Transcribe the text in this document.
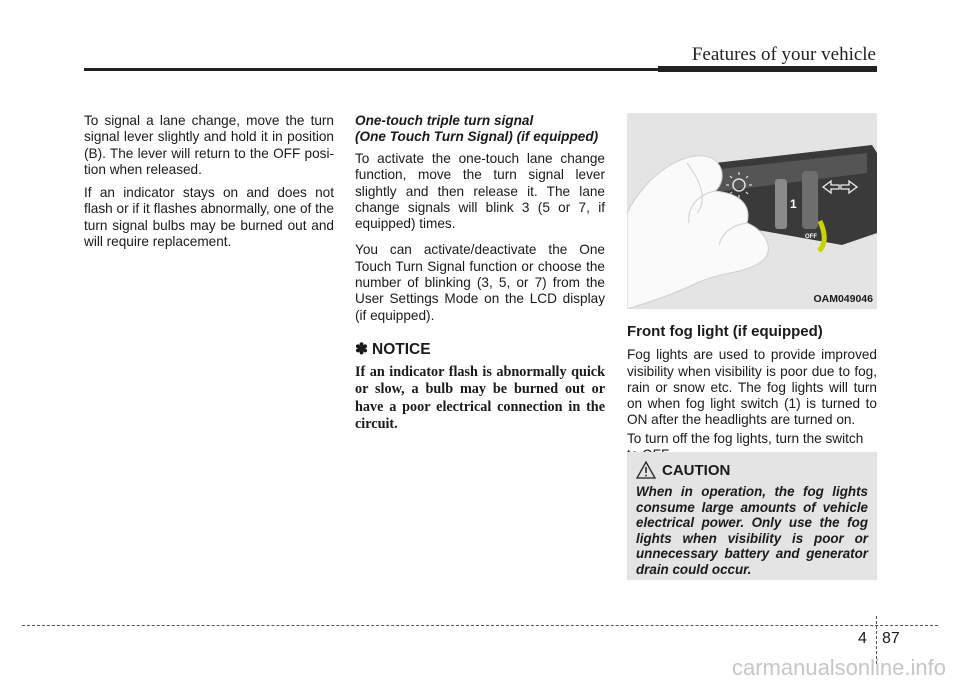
Features of your vehicle

To signal a lane change, move the turn signal lever slightly and hold it in position (B). The lever will return to the OFF posi-tion when released.

If an indicator stays on and does not flash or if it flashes abnormally, one of the turn signal bulbs may be burned out and will require replacement.

One-touch triple turn signal
(One Touch Turn Signal) (if equipped)

To activate the one-touch lane change function, move the turn signal lever slightly and then release it. The lane change signals will blink 3 (5 or 7, if equipped) times.

You can activate/deactivate the One Touch Turn Signal function or choose the number of blinking (3, 5, or 7) from the User Settings Mode on the LCD display (if equipped).

✽ NOTICE
If an indicator flash is abnormally quick or slow, a bulb may be burned out or have a poor electrical connection in the circuit.
1
OFF
OAM049046
Front fog light (if equipped)

Fog lights are used to provide improved visibility when visibility is poor due to fog, rain or snow etc. The fog lights will turn on when fog light switch (1) is turned to ON after the headlights are turned on.

To turn off the fog lights, turn the switch

CAUTION
When in operation, the fog lights consume large amounts of vehicle electrical power. Only use the fog lights when visibility is poor or unnecessary battery and generator drain could occur.
4 87
carmanualsonline.info
